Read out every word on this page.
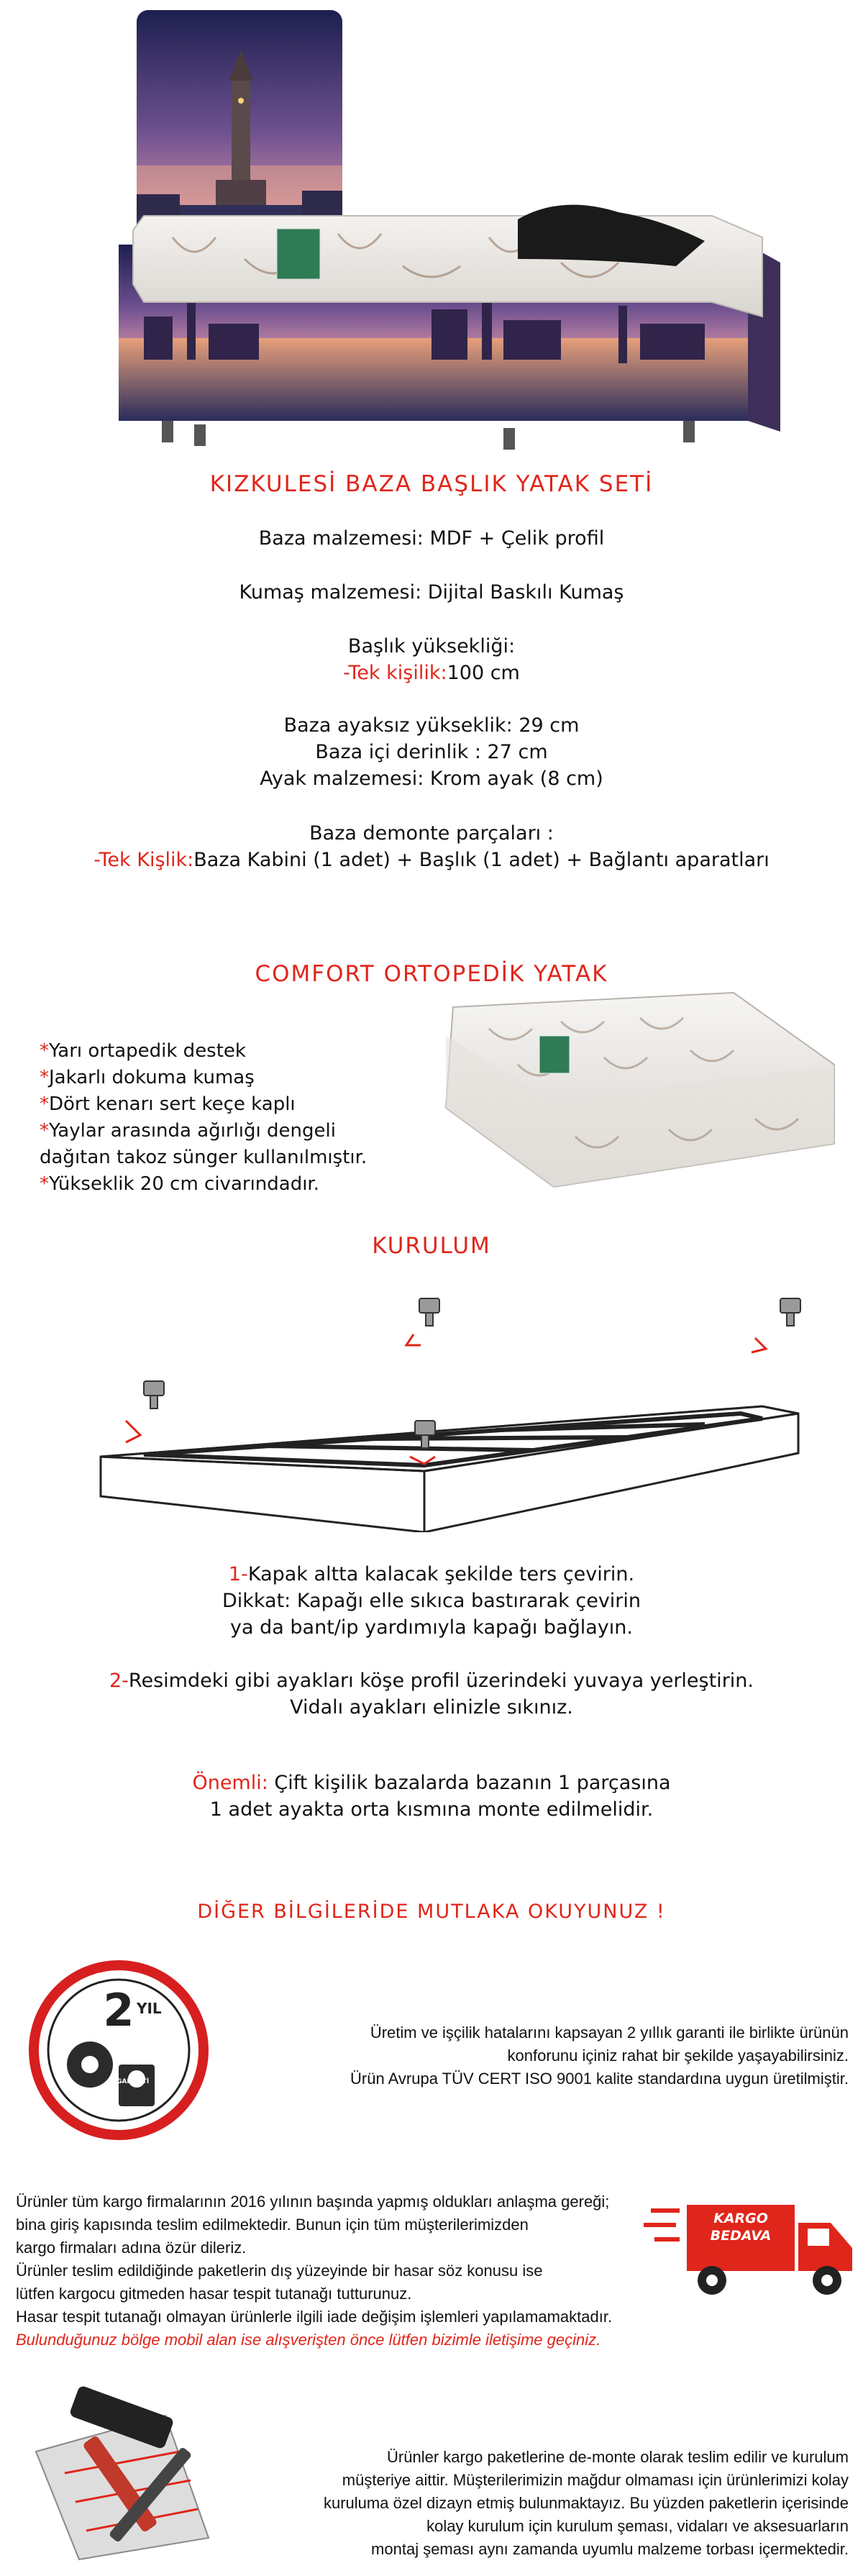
KIZKULESİ BAZA BAŞLIK YATAK SETİ
Baza malzemesi: MDF + Çelik profil
Kumaş malzemesi: Dijital Baskılı Kumaş
Başlık yüksekliği:
-Tek kişilik:100 cm
Baza ayaksız yükseklik: 29 cm
Baza içi derinlik : 27 cm
Ayak malzemesi: Krom ayak (8 cm)
Baza demonte parçaları :
-Tek Kişlik:Baza Kabini (1 adet) + Başlık (1 adet) + Bağlantı aparatları
COMFORT ORTOPEDİK YATAK
*Yarı ortapedik destek
*Jakarlı dokuma kumaş
*Dört kenarı sert keçe kaplı
*Yaylar arasında ağırlığı dengeli
dağıtan takoz sünger kullanılmıştır.
*Yükseklik 20 cm civarındadır.
KURULUM
1-Kapak altta kalacak şekilde ters çevirin.
Dikkat: Kapağı elle sıkıca bastırarak çevirin
ya da bant/ip yardımıyla kapağı bağlayın.
2-Resimdeki gibi ayakları köşe profil üzerindeki yuvaya yerleştirin.
Vidalı ayakları elinizle sıkınız.
Önemli: Çift kişilik bazalarda bazanın 1 parçasına
1 adet ayakta orta kısmına monte edilmelidir.
DİĞER BİLGİLERİDE MUTLAKA OKUYUNUZ !
2 YIL
GARANTİ
Üretim ve işçilik hatalarını kapsayan 2 yıllık garanti ile birlikte ürünün
konforunu içiniz rahat bir şekilde yaşayabilirsiniz.
Ürün Avrupa TÜV CERT ISO 9001 kalite standardına uygun üretilmiştir.
Ürünler tüm kargo firmalarının 2016 yılının başında yapmış oldukları anlaşma gereği;
bina giriş kapısında teslim edilmektedir. Bunun için tüm müşterilerimizden
kargo firmaları adına özür dileriz.
Ürünler teslim edildiğinde paketlerin dış yüzeyinde bir hasar söz konusu ise
lütfen kargocu gitmeden hasar tespit tutanağı tutturunuz.
Hasar tespit tutanağı olmayan ürünlerle ilgili iade değişim işlemleri yapılamamaktadır.
Bulunduğunuz bölge mobil alan ise alışverişten önce lütfen bizimle iletişime geçiniz.
KARGO
BEDAVA
Ürünler kargo paketlerine de-monte olarak teslim edilir ve kurulum
müşteriye aittir. Müşterilerimizin mağdur olmaması için ürünlerimizi kolay
kuruluma özel dizayn etmiş bulunmaktayız. Bu yüzden paketlerin içerisinde
kolay kurulum için kurulum şeması, vidaları ve aksesuarların
montaj şeması aynı zamanda uyumlu malzeme torbası içermektedir.
